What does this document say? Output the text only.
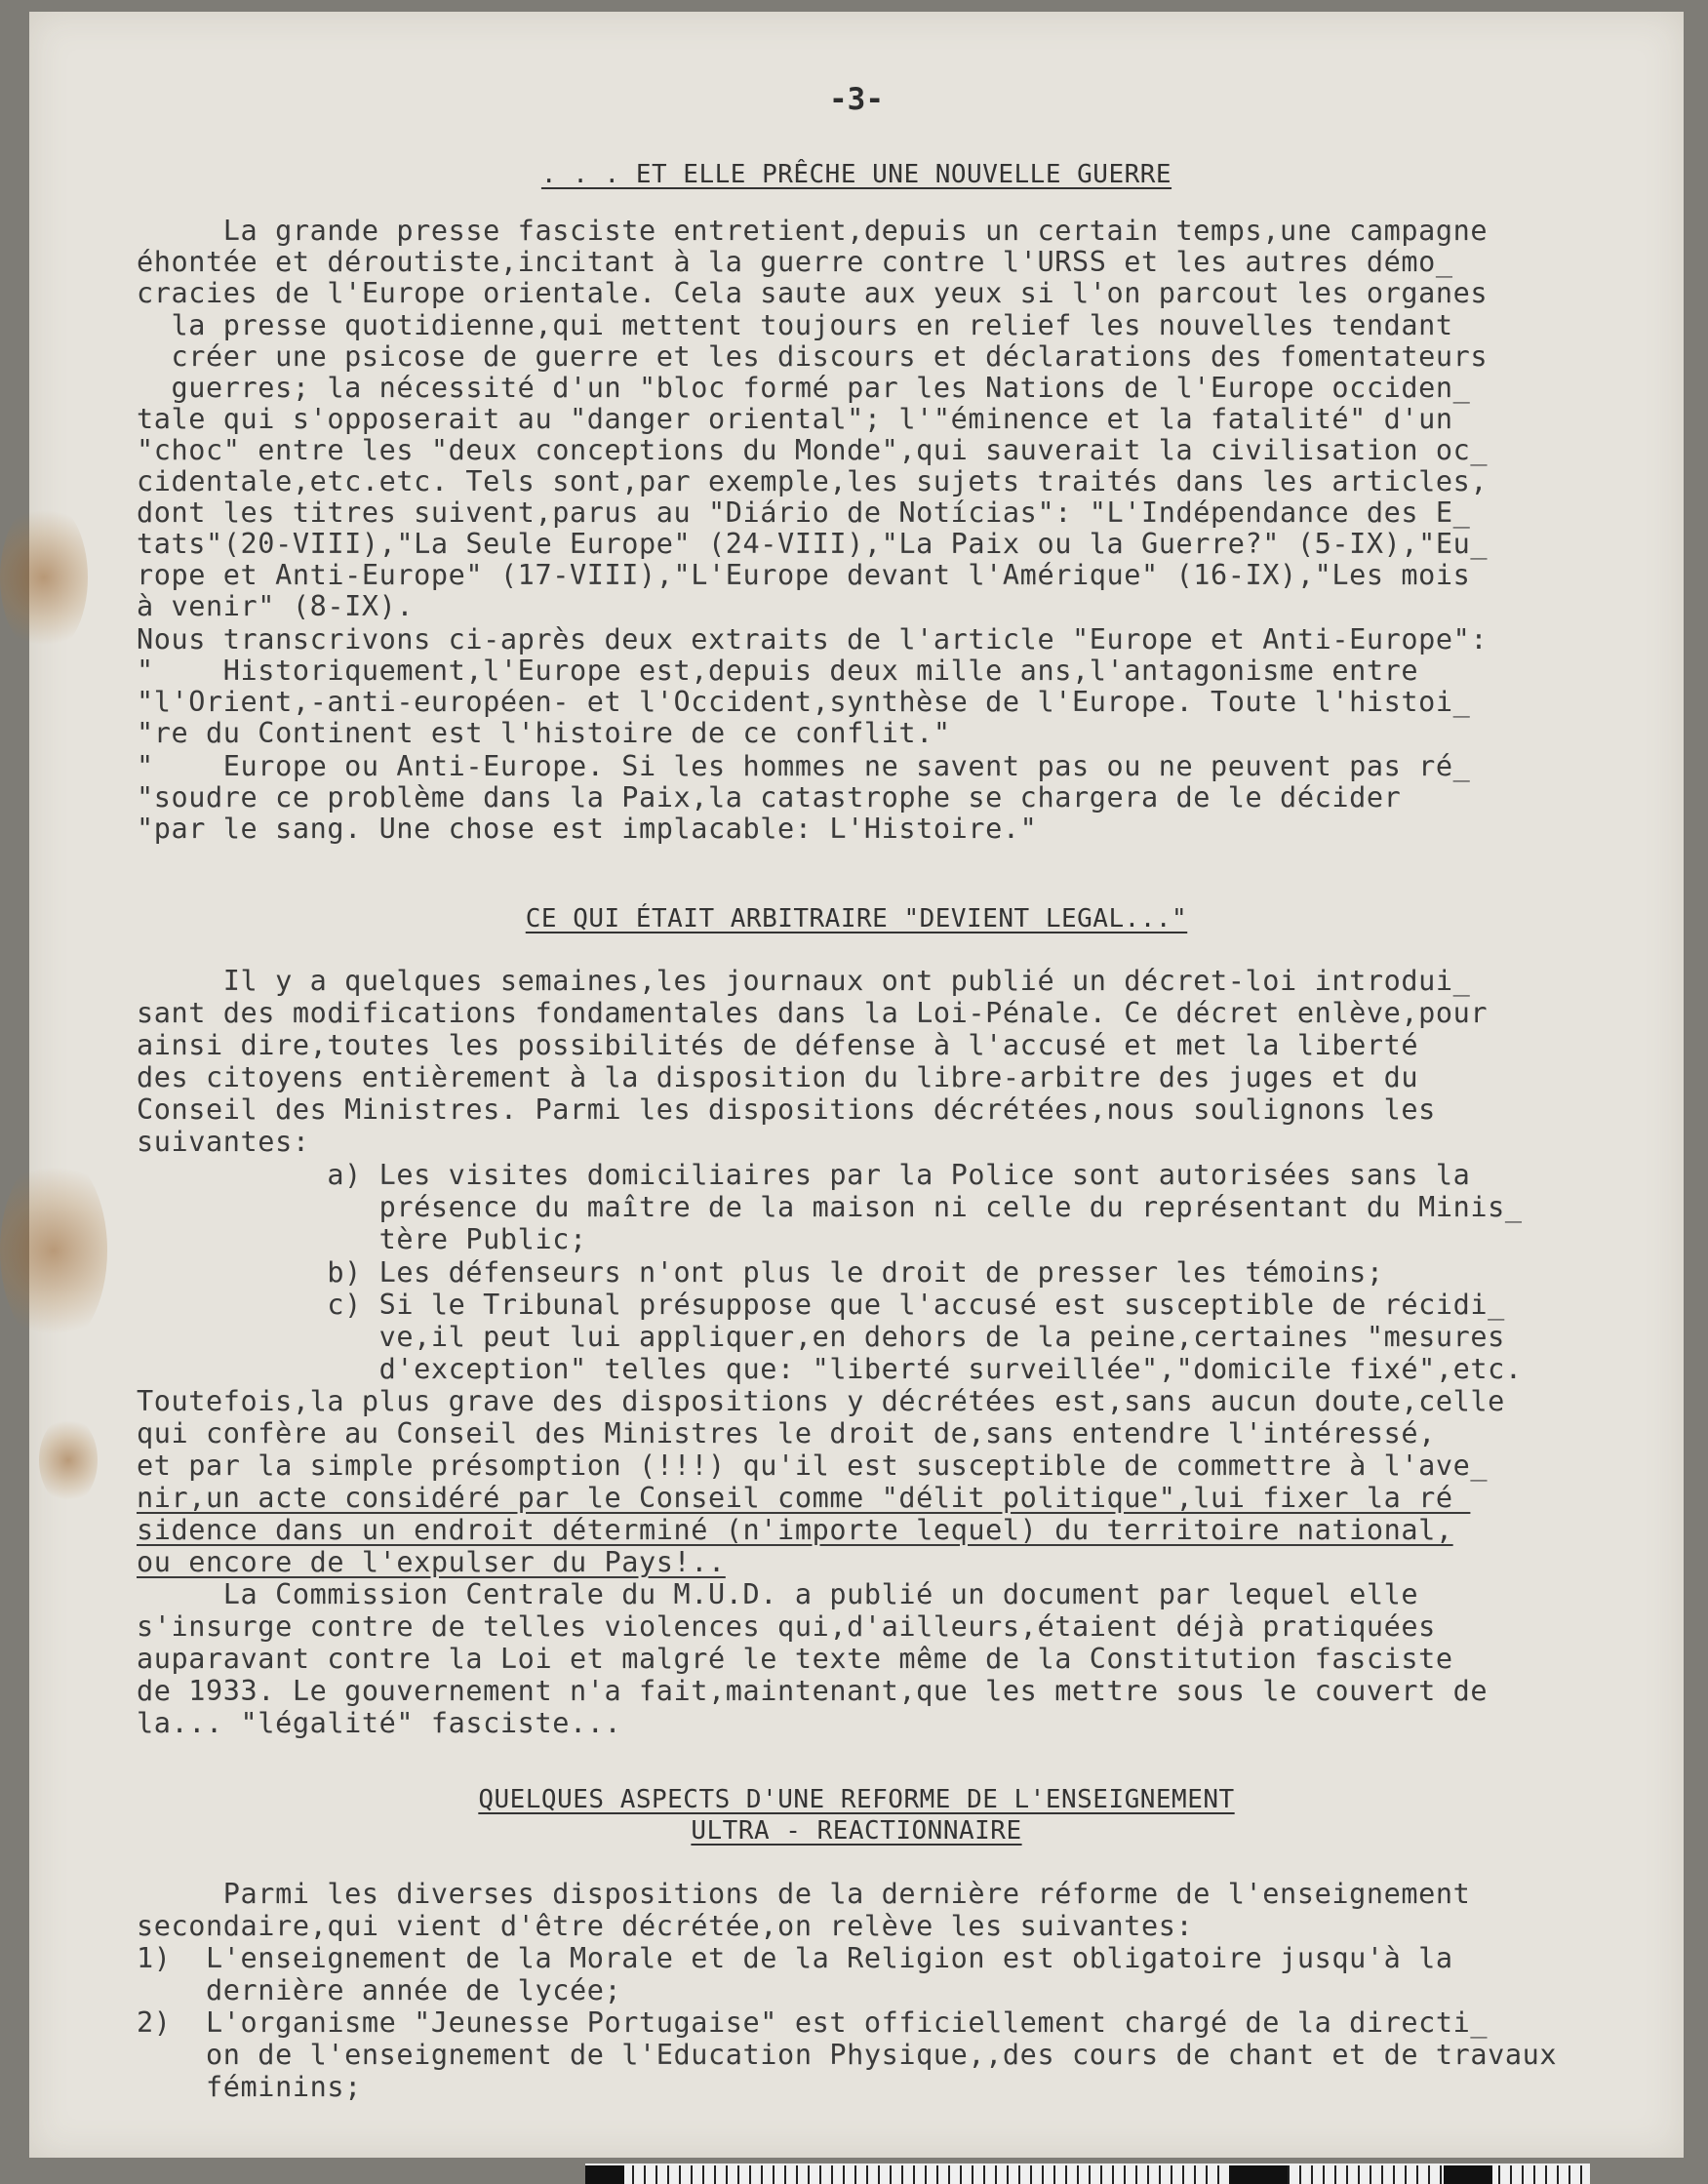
-3-
. . . ET ELLE PRÊCHE UNE NOUVELLE GUERRE
La grande presse fasciste entretient,depuis un certain temps,une campagne
éhontée et déroutiste,incitant à la guerre contre l'URSS et les autres démo_
cracies de l'Europe orientale. Cela saute aux yeux si l'on parcout les organes
la presse quotidienne,qui mettent toujours en relief les nouvelles tendant
créer une psicose de guerre et les discours et déclarations des fomentateurs
guerres; la nécessité d'un "bloc formé par les Nations de l'Europe occiden_
tale qui s'opposerait au "danger oriental"; l'"éminence et la fatalité" d'un
"choc" entre les "deux conceptions du Monde",qui sauverait la civilisation oc_
cidentale,etc.etc. Tels sont,par exemple,les sujets traités dans les articles,
dont les titres suivent,parus au "Diário de Notícias": "L'Indépendance des E_
tats"(20-VIII),"La Seule Europe" (24-VIII),"La Paix ou la Guerre?" (5-IX),"Eu_
rope et Anti-Europe" (17-VIII),"L'Europe devant l'Amérique" (16-IX),"Les mois
à venir" (8-IX).
Nous transcrivons ci-après deux extraits de l'article "Europe et Anti-Europe":
"    Historiquement,l'Europe est,depuis deux mille ans,l'antagonisme entre
"l'Orient,-anti-européen- et l'Occident,synthèse de l'Europe. Toute l'histoi_
"re du Continent est l'histoire de ce conflit."
"    Europe ou Anti-Europe. Si les hommes ne savent pas ou ne peuvent pas ré_
"soudre ce problème dans la Paix,la catastrophe se chargera de le décider
"par le sang. Une chose est implacable: L'Histoire."
CE QUI ÉTAIT ARBITRAIRE "DEVIENT LEGAL..."
Il y a quelques semaines,les journaux ont publié un décret-loi introdui_
sant des modifications fondamentales dans la Loi-Pénale. Ce décret enlève,pour
ainsi dire,toutes les possibilités de défense à l'accusé et met la liberté
des citoyens entièrement à la disposition du libre-arbitre des juges et du
Conseil des Ministres. Parmi les dispositions décrétées,nous soulignons les
suivantes:
a) Les visites domiciliaires par la Police sont autorisées sans la
présence du maître de la maison ni celle du représentant du Minis_
tère Public;
b) Les défenseurs n'ont plus le droit de presser les témoins;
c) Si le Tribunal présuppose que l'accusé est susceptible de récidi_
ve,il peut lui appliquer,en dehors de la peine,certaines "mesures
d'exception" telles que: "liberté surveillée","domicile fixé",etc.
Toutefois,la plus grave des dispositions y décrétées est,sans aucun doute,celle
qui confère au Conseil des Ministres le droit de,sans entendre l'intéressé,
et par la simple présomption (!!!) qu'il est susceptible de commettre à l'ave_
nir,un acte considéré par le Conseil comme "délit politique",lui fixer la ré_
sidence dans un endroit déterminé (n'importe lequel) du territoire national,
ou encore de l'expulser du Pays!..
La Commission Centrale du M.U.D. a publié un document par lequel elle
s'insurge contre de telles violences qui,d'ailleurs,étaient déjà pratiquées
auparavant contre la Loi et malgré le texte même de la Constitution fasciste
de 1933. Le gouvernement n'a fait,maintenant,que les mettre sous le couvert de
la... "légalité" fasciste...
QUELQUES ASPECTS D'UNE REFORME DE L'ENSEIGNEMENT
ULTRA - REACTIONNAIRE
Parmi les diverses dispositions de la dernière réforme de l'enseignement
secondaire,qui vient d'être décrétée,on relève les suivantes:
1)  L'enseignement de la Morale et de la Religion est obligatoire jusqu'à la
dernière année de lycée;
2)  L'organisme "Jeunesse Portugaise" est officiellement chargé de la directi_
on de l'enseignement de l'Education Physique,,des cours de chant et de travaux
féminins;
